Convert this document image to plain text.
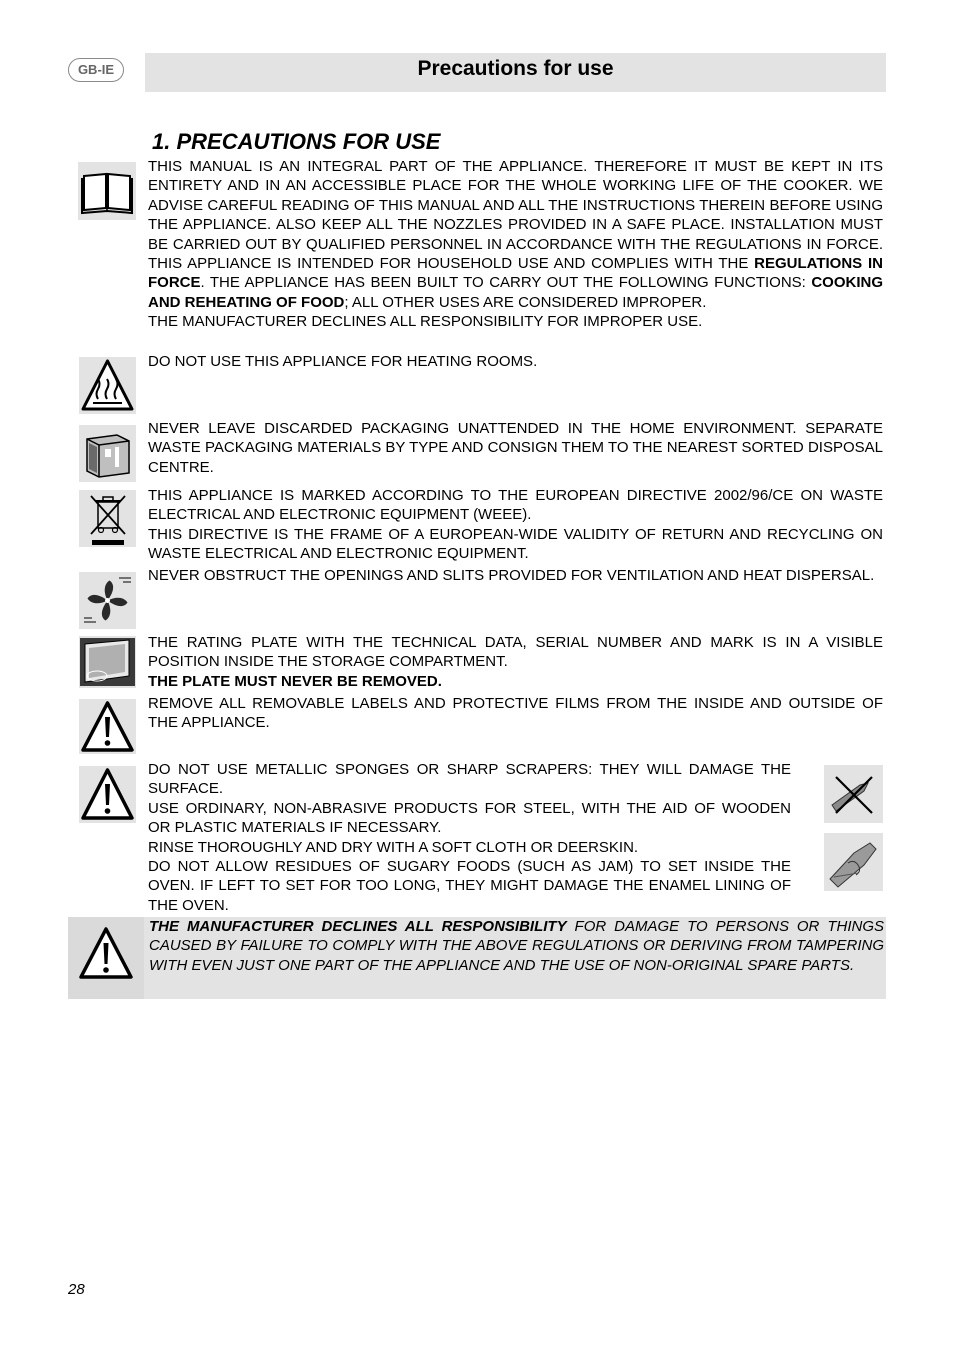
GB-IE	Precautions for use
1. PRECAUTIONS FOR USE

THIS MANUAL IS AN INTEGRAL PART OF THE APPLIANCE. THEREFORE IT MUST BE KEPT IN ITS ENTIRETY AND IN AN ACCESSIBLE PLACE FOR THE WHOLE WORKING LIFE OF THE COOKER. WE ADVISE CAREFUL READING OF THIS MANUAL AND ALL THE INSTRUCTIONS THEREIN BEFORE USING THE APPLIANCE. ALSO KEEP ALL THE NOZZLES PROVIDED IN A SAFE PLACE. INSTALLATION MUST BE CARRIED OUT BY QUALIFIED PERSONNEL IN ACCORDANCE WITH THE REGULATIONS IN FORCE. THIS APPLIANCE IS INTENDED FOR HOUSEHOLD USE AND COMPLIES WITH THE REGULATIONS IN FORCE. THE APPLIANCE HAS BEEN BUILT TO CARRY OUT THE FOLLOWING FUNCTIONS: COOKING AND REHEATING OF FOOD; ALL OTHER USES ARE CONSIDERED IMPROPER.

THE MANUFACTURER DECLINES ALL RESPONSIBILITY FOR IMPROPER USE.

DO NOT USE THIS APPLIANCE FOR HEATING ROOMS.

NEVER LEAVE DISCARDED PACKAGING UNATTENDED IN THE HOME ENVIRONMENT. SEPARATE WASTE PACKAGING MATERIALS BY TYPE AND CONSIGN THEM TO THE NEAREST SORTED DISPOSAL CENTRE.

THIS APPLIANCE IS MARKED ACCORDING TO THE EUROPEAN DIRECTIVE 2002/96/CE ON WASTE ELECTRICAL AND ELECTRONIC EQUIPMENT (WEEE).

THIS DIRECTIVE IS THE FRAME OF A EUROPEAN-WIDE VALIDITY OF RETURN AND RECYCLING ON WASTE ELECTRICAL AND ELECTRONIC EQUIPMENT.

NEVER OBSTRUCT THE OPENINGS AND SLITS PROVIDED FOR VENTILATION AND HEAT DISPERSAL.

THE RATING PLATE WITH THE TECHNICAL DATA, SERIAL NUMBER AND MARK IS IN A VISIBLE POSITION INSIDE THE STORAGE COMPARTMENT.

THE PLATE MUST NEVER BE REMOVED.

REMOVE ALL REMOVABLE LABELS AND PROTECTIVE FILMS FROM THE INSIDE AND OUTSIDE OF THE APPLIANCE.

DO NOT USE METALLIC SPONGES OR SHARP SCRAPERS: THEY WILL DAMAGE THE SURFACE.

USE ORDINARY, NON-ABRASIVE PRODUCTS FOR STEEL, WITH THE AID OF WOODEN OR PLASTIC MATERIALS IF NECESSARY.

RINSE THOROUGHLY AND DRY WITH A SOFT CLOTH OR DEERSKIN.

DO NOT ALLOW RESIDUES OF SUGARY FOODS (SUCH AS JAM) TO SET INSIDE THE OVEN. IF LEFT TO SET FOR TOO LONG, THEY MIGHT DAMAGE THE ENAMEL LINING OF THE OVEN.

THE MANUFACTURER DECLINES ALL RESPONSIBILITY FOR DAMAGE TO PERSONS OR THINGS CAUSED BY FAILURE TO COMPLY WITH THE ABOVE REGULATIONS OR DERIVING FROM TAMPERING WITH EVEN JUST ONE PART OF THE APPLIANCE AND THE USE OF NON-ORIGINAL SPARE PARTS.

28
